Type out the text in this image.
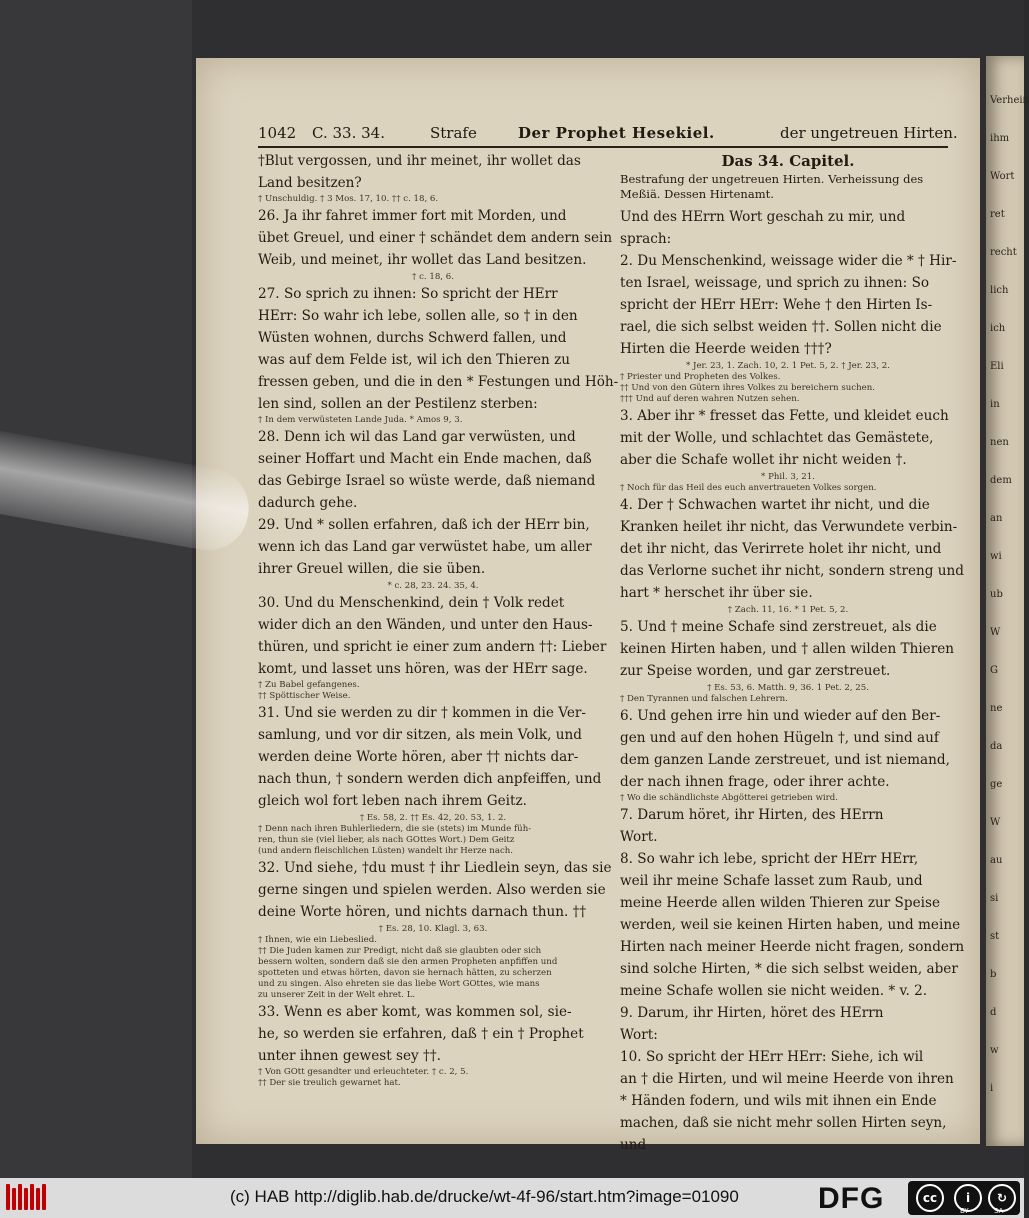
Verheiß
ihm
Wort
ret
recht
lich
ich
Eli
in
nen
dem
an
wi
ub
W
G
ne
da
ge
W
au
si
st
b
d
w
i
1042 C. 33. 34.	Strafe	Der Prophet Hesekiel.	der ungetreuen Hirten.
†Blut vergossen, und ihr meinet, ihr wollet das
Land besitzen?
† Unschuldig. † 3 Mos. 17, 10. †† c. 18, 6.
26. Ja ihr fahret immer fort mit Morden, und
übet Greuel, und einer † schändet dem andern sein
Weib, und meinet, ihr wollet das Land besitzen.
† c. 18, 6.
27. So sprich zu ihnen: So spricht der HErr
HErr: So wahr ich lebe, sollen alle, so † in den
Wüsten wohnen, durchs Schwerd fallen, und
was auf dem Felde ist, wil ich den Thieren zu
fressen geben, und die in den * Festungen und Höh-
len sind, sollen an der Pestilenz sterben:
† In dem verwüsteten Lande Juda. * Amos 9, 3.
28. Denn ich wil das Land gar verwüsten, und
seiner Hoffart und Macht ein Ende machen, daß
das Gebirge Israel so wüste werde, daß niemand
dadurch gehe.
29. Und * sollen erfahren, daß ich der HErr bin,
wenn ich das Land gar verwüstet habe, um aller
ihrer Greuel willen, die sie üben.
* c. 28, 23. 24. 35, 4.
30. Und du Menschenkind, dein † Volk redet
wider dich an den Wänden, und unter den Haus-
thüren, und spricht ie einer zum andern ††: Lieber
komt, und lasset uns hören, was der HErr sage.
† Zu Babel gefangenes.
†† Spöttischer Weise.
31. Und sie werden zu dir † kommen in die Ver-
samlung, und vor dir sitzen, als mein Volk, und
werden deine Worte hören, aber †† nichts dar-
nach thun, † sondern werden dich anpfeiffen, und
gleich wol fort leben nach ihrem Geitz.
† Es. 58, 2. †† Es. 42, 20. 53, 1. 2.
† Denn nach ihren Buhlerliedern, die sie (stets) im Munde füh-
ren, thun sie (viel lieber, als nach GOttes Wort.) Dem Geitz
(und andern fleischlichen Lüsten) wandelt ihr Herze nach.
32. Und siehe, †du must † ihr Liedlein seyn, das sie
gerne singen und spielen werden. Also werden sie
deine Worte hören, und nichts darnach thun. ††
† Es. 28, 10. Klagl. 3, 63.
† Ihnen, wie ein Liebeslied.
†† Die Juden kamen zur Predigt, nicht daß sie glaubten oder sich
bessern wolten, sondern daß sie den armen Propheten anpfiffen und
spotteten und etwas hörten, davon sie hernach hätten, zu scherzen
und zu singen. Also ehreten sie das liebe Wort GOttes, wie mans
zu unserer Zeit in der Welt ehret. L.
33. Wenn es aber komt, was kommen sol, sie-
he, so werden sie erfahren, daß † ein † Prophet
unter ihnen gewest sey ††.
† Von GOtt gesandter und erleuchteter. † c. 2, 5.
†† Der sie treulich gewarnet hat.
Das 34. Capitel.
Bestrafung der ungetreuen Hirten. Verheissung des
Meßiä. Dessen Hirtenamt.
Und des HErrn Wort geschah zu mir, und
sprach:
2. Du Menschenkind, weissage wider die * † Hir-
ten Israel, weissage, und sprich zu ihnen: So
spricht der HErr HErr: Wehe † den Hirten Is-
rael, die sich selbst weiden ††. Sollen nicht die
Hirten die Heerde weiden †††?
* Jer. 23, 1. Zach. 10, 2. 1 Pet. 5, 2. † Jer. 23, 2.
† Priester und Propheten des Volkes.
†† Und von den Gütern ihres Volkes zu bereichern suchen.
††† Und auf deren wahren Nutzen sehen.
3. Aber ihr * fresset das Fette, und kleidet euch
mit der Wolle, und schlachtet das Gemästete,
aber die Schafe wollet ihr nicht weiden †.
* Phil. 3, 21.
† Noch für das Heil des euch anvertraueten Volkes sorgen.
4. Der † Schwachen wartet ihr nicht, und die
Kranken heilet ihr nicht, das Verwundete verbin-
det ihr nicht, das Verirrete holet ihr nicht, und
das Verlorne suchet ihr nicht, sondern streng und
hart * herschet ihr über sie.
† Zach. 11, 16. * 1 Pet. 5, 2.
5. Und † meine Schafe sind zerstreuet, als die
keinen Hirten haben, und † allen wilden Thieren
zur Speise worden, und gar zerstreuet.
† Es. 53, 6. Matth. 9, 36. 1 Pet. 2, 25.
† Den Tyrannen und falschen Lehrern.
6. Und gehen irre hin und wieder auf den Ber-
gen und auf den hohen Hügeln †, und sind auf
dem ganzen Lande zerstreuet, und ist niemand,
der nach ihnen frage, oder ihrer achte.
† Wo die schändlichste Abgötterei getrieben wird.
7. Darum höret, ihr Hirten, des HErrn
Wort.
8. So wahr ich lebe, spricht der HErr HErr,
weil ihr meine Schafe lasset zum Raub, und
meine Heerde allen wilden Thieren zur Speise
werden, weil sie keinen Hirten haben, und meine
Hirten nach meiner Heerde nicht fragen, sondern
sind solche Hirten, * die sich selbst weiden, aber
meine Schafe wollen sie nicht weiden. * v. 2.
9. Darum, ihr Hirten, höret des HErrn
Wort:
10. So spricht der HErr HErr: Siehe, ich wil
an † die Hirten, und wil meine Heerde von ihren
* Händen fodern, und wils mit ihnen ein Ende
machen, daß sie nicht mehr sollen Hirten seyn,
und
(c) HAB http://diglib.hab.de/drucke/wt-4f-96/start.htm?image=01090	DFG	cc	i	↻
BY	SA
